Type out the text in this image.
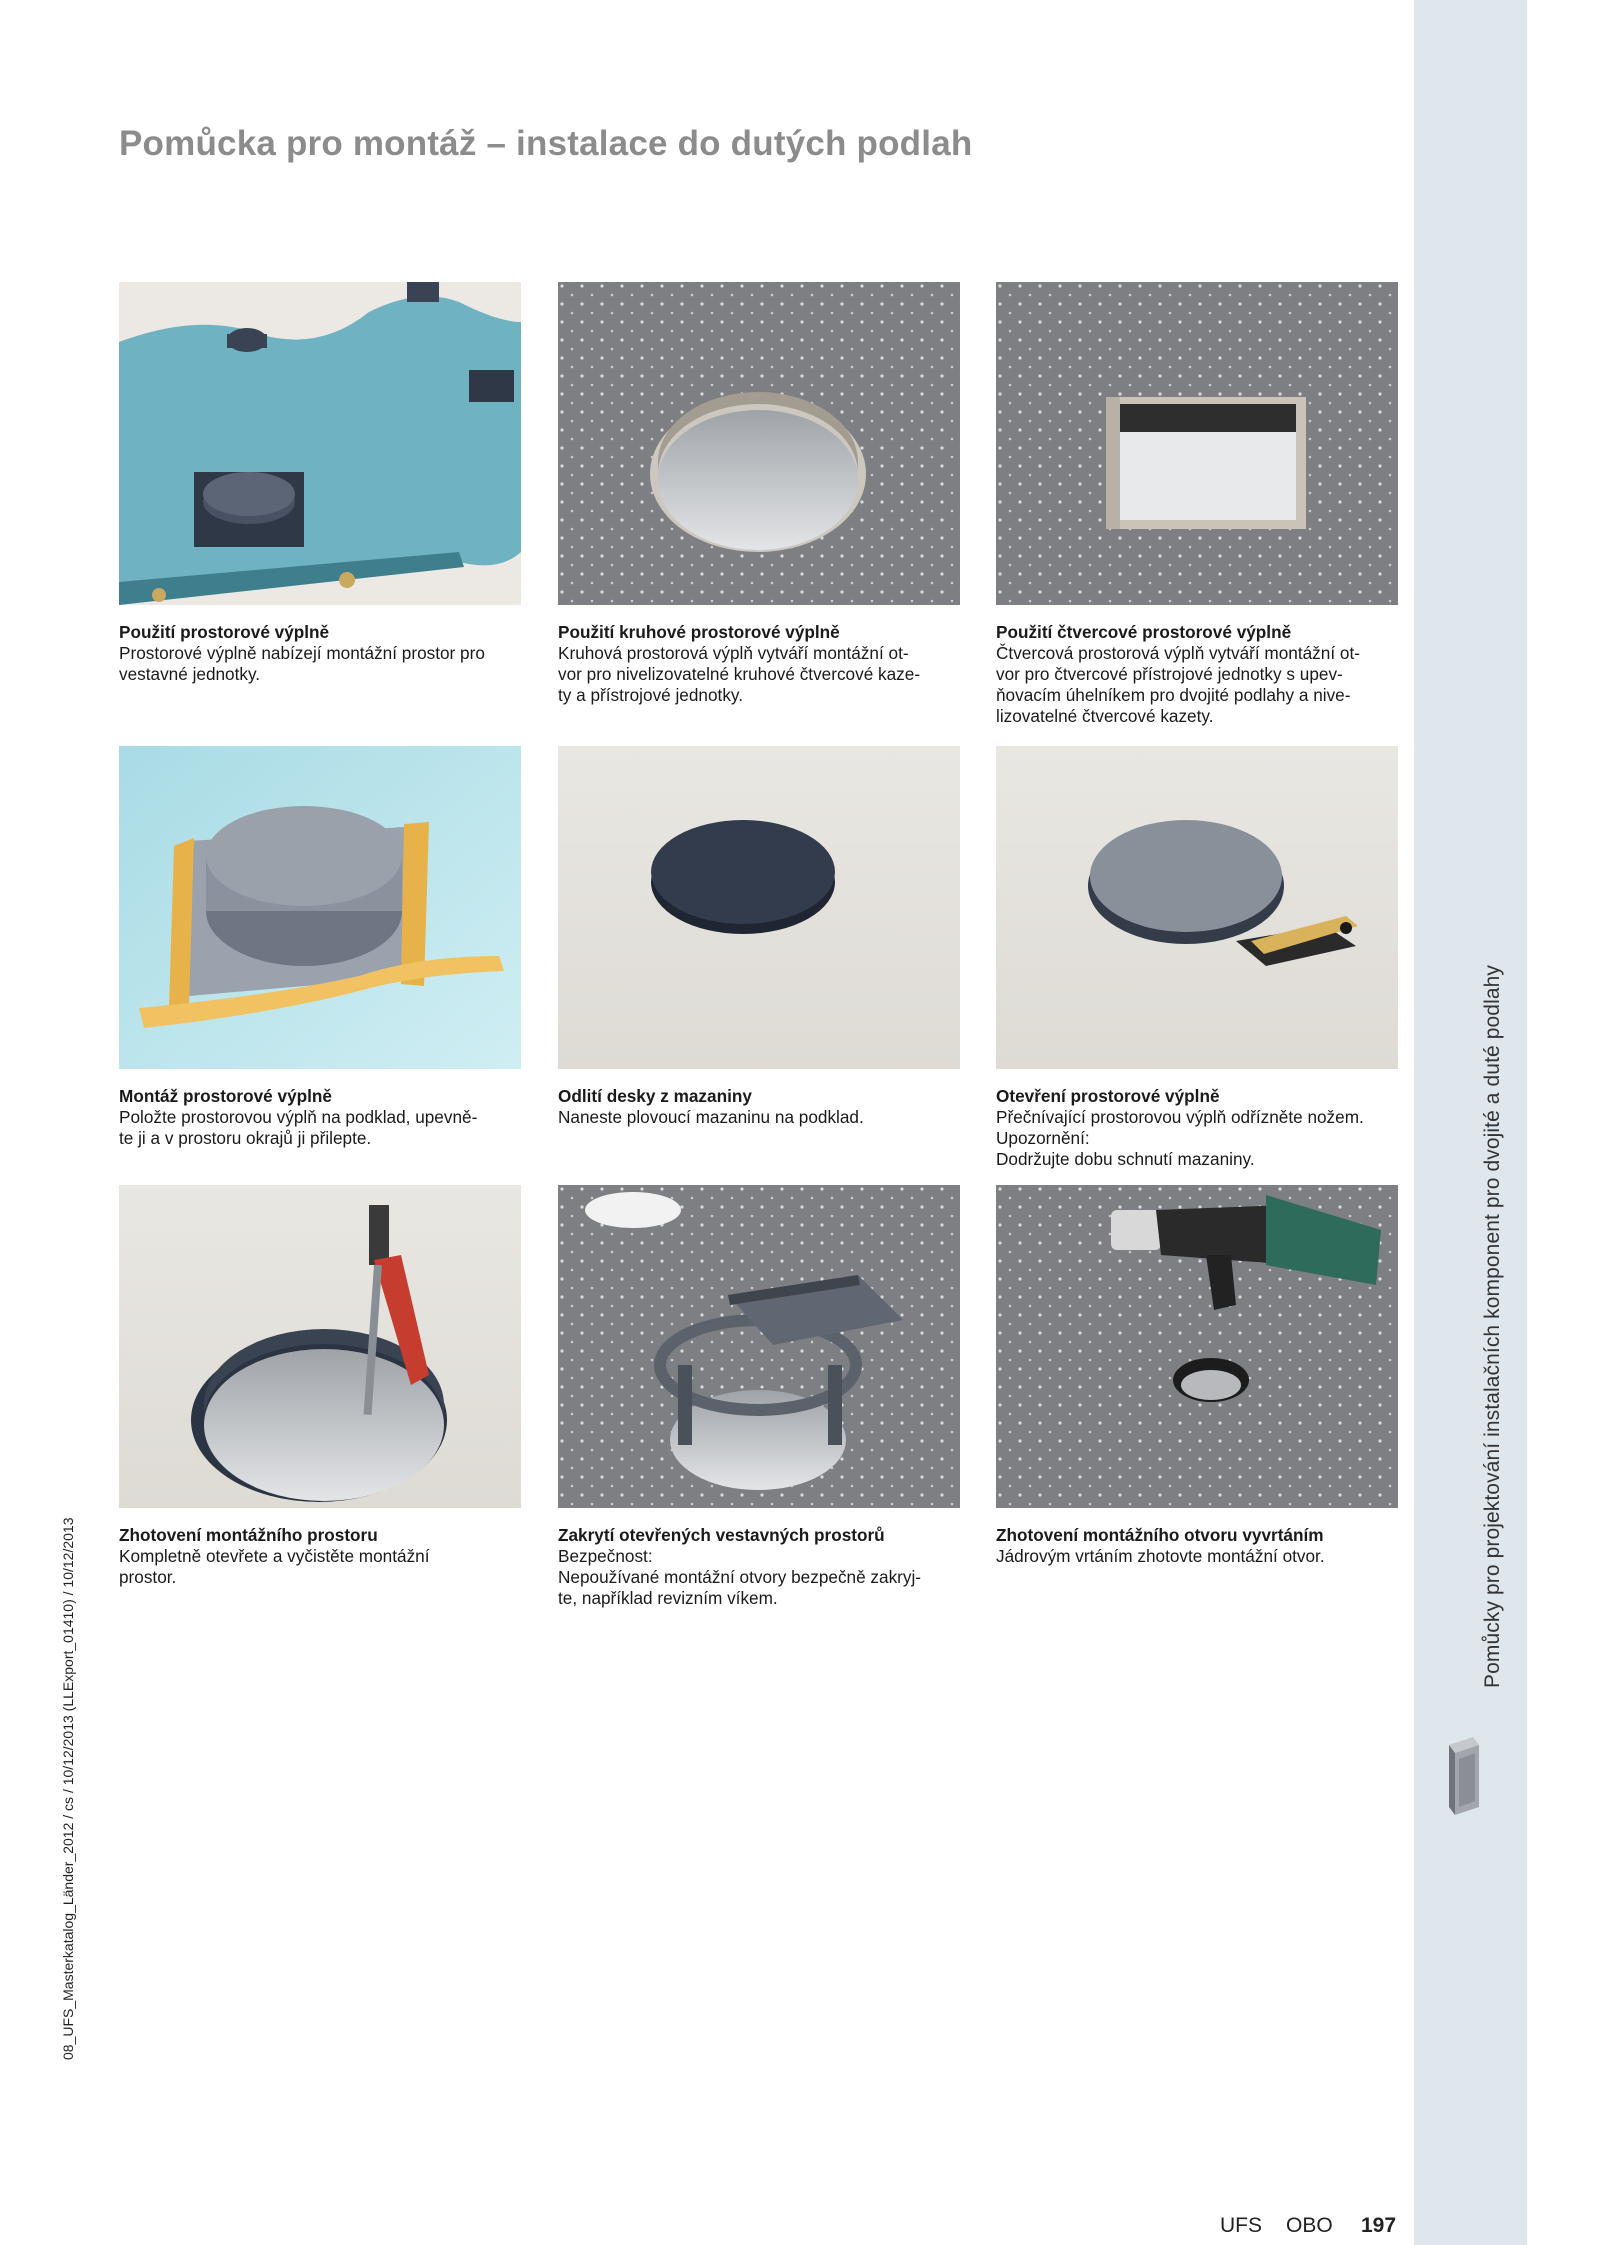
Pomůcka pro montáž – instalace do dutých podlah
Použití prostorové výplně
Prostorové výplně nabízejí montážní prostor pro
vestavné jednotky.
Použití kruhové prostorové výplně
Kruhová prostorová výplň vytváří montážní ot-
vor pro nivelizovatelné kruhové čtvercové kaze-
ty a přístrojové jednotky.
Použití čtvercové prostorové výplně
Čtvercová prostorová výplň vytváří montážní ot-
vor pro čtvercové přístrojové jednotky s upev-
ňovacím úhelníkem pro dvojité podlahy a nive-
lizovatelné čtvercové kazety.
Montáž prostorové výplně
Položte prostorovou výplň na podklad, upevně-
te ji a v prostoru okrajů ji přilepte.
Odlití desky z mazaniny
Naneste plovoucí mazaninu na podklad.
Otevření prostorové výplně
Přečnívající prostorovou výplň odřízněte nožem.
Upozornění:
Dodržujte dobu schnutí mazaniny.
Zhotovení montážního prostoru
Kompletně otevřete a vyčistěte montážní
prostor.
Zakrytí otevřených vestavných prostorů
Bezpečnost:
Nepoužívané montážní otvory bezpečně zakryj-
te, například revizním víkem.
Zhotovení montážního otvoru vyvrtáním
Jádrovým vrtáním zhotovte montážní otvor.	Pomůcky pro projektování instalačních komponent pro dvojité a duté podlahy
08_UFS_Masterkatalog_Länder_2012 / cs / 10/12/2013 (LLExport_01410) / 10/12/2013
UFS OBO 197
